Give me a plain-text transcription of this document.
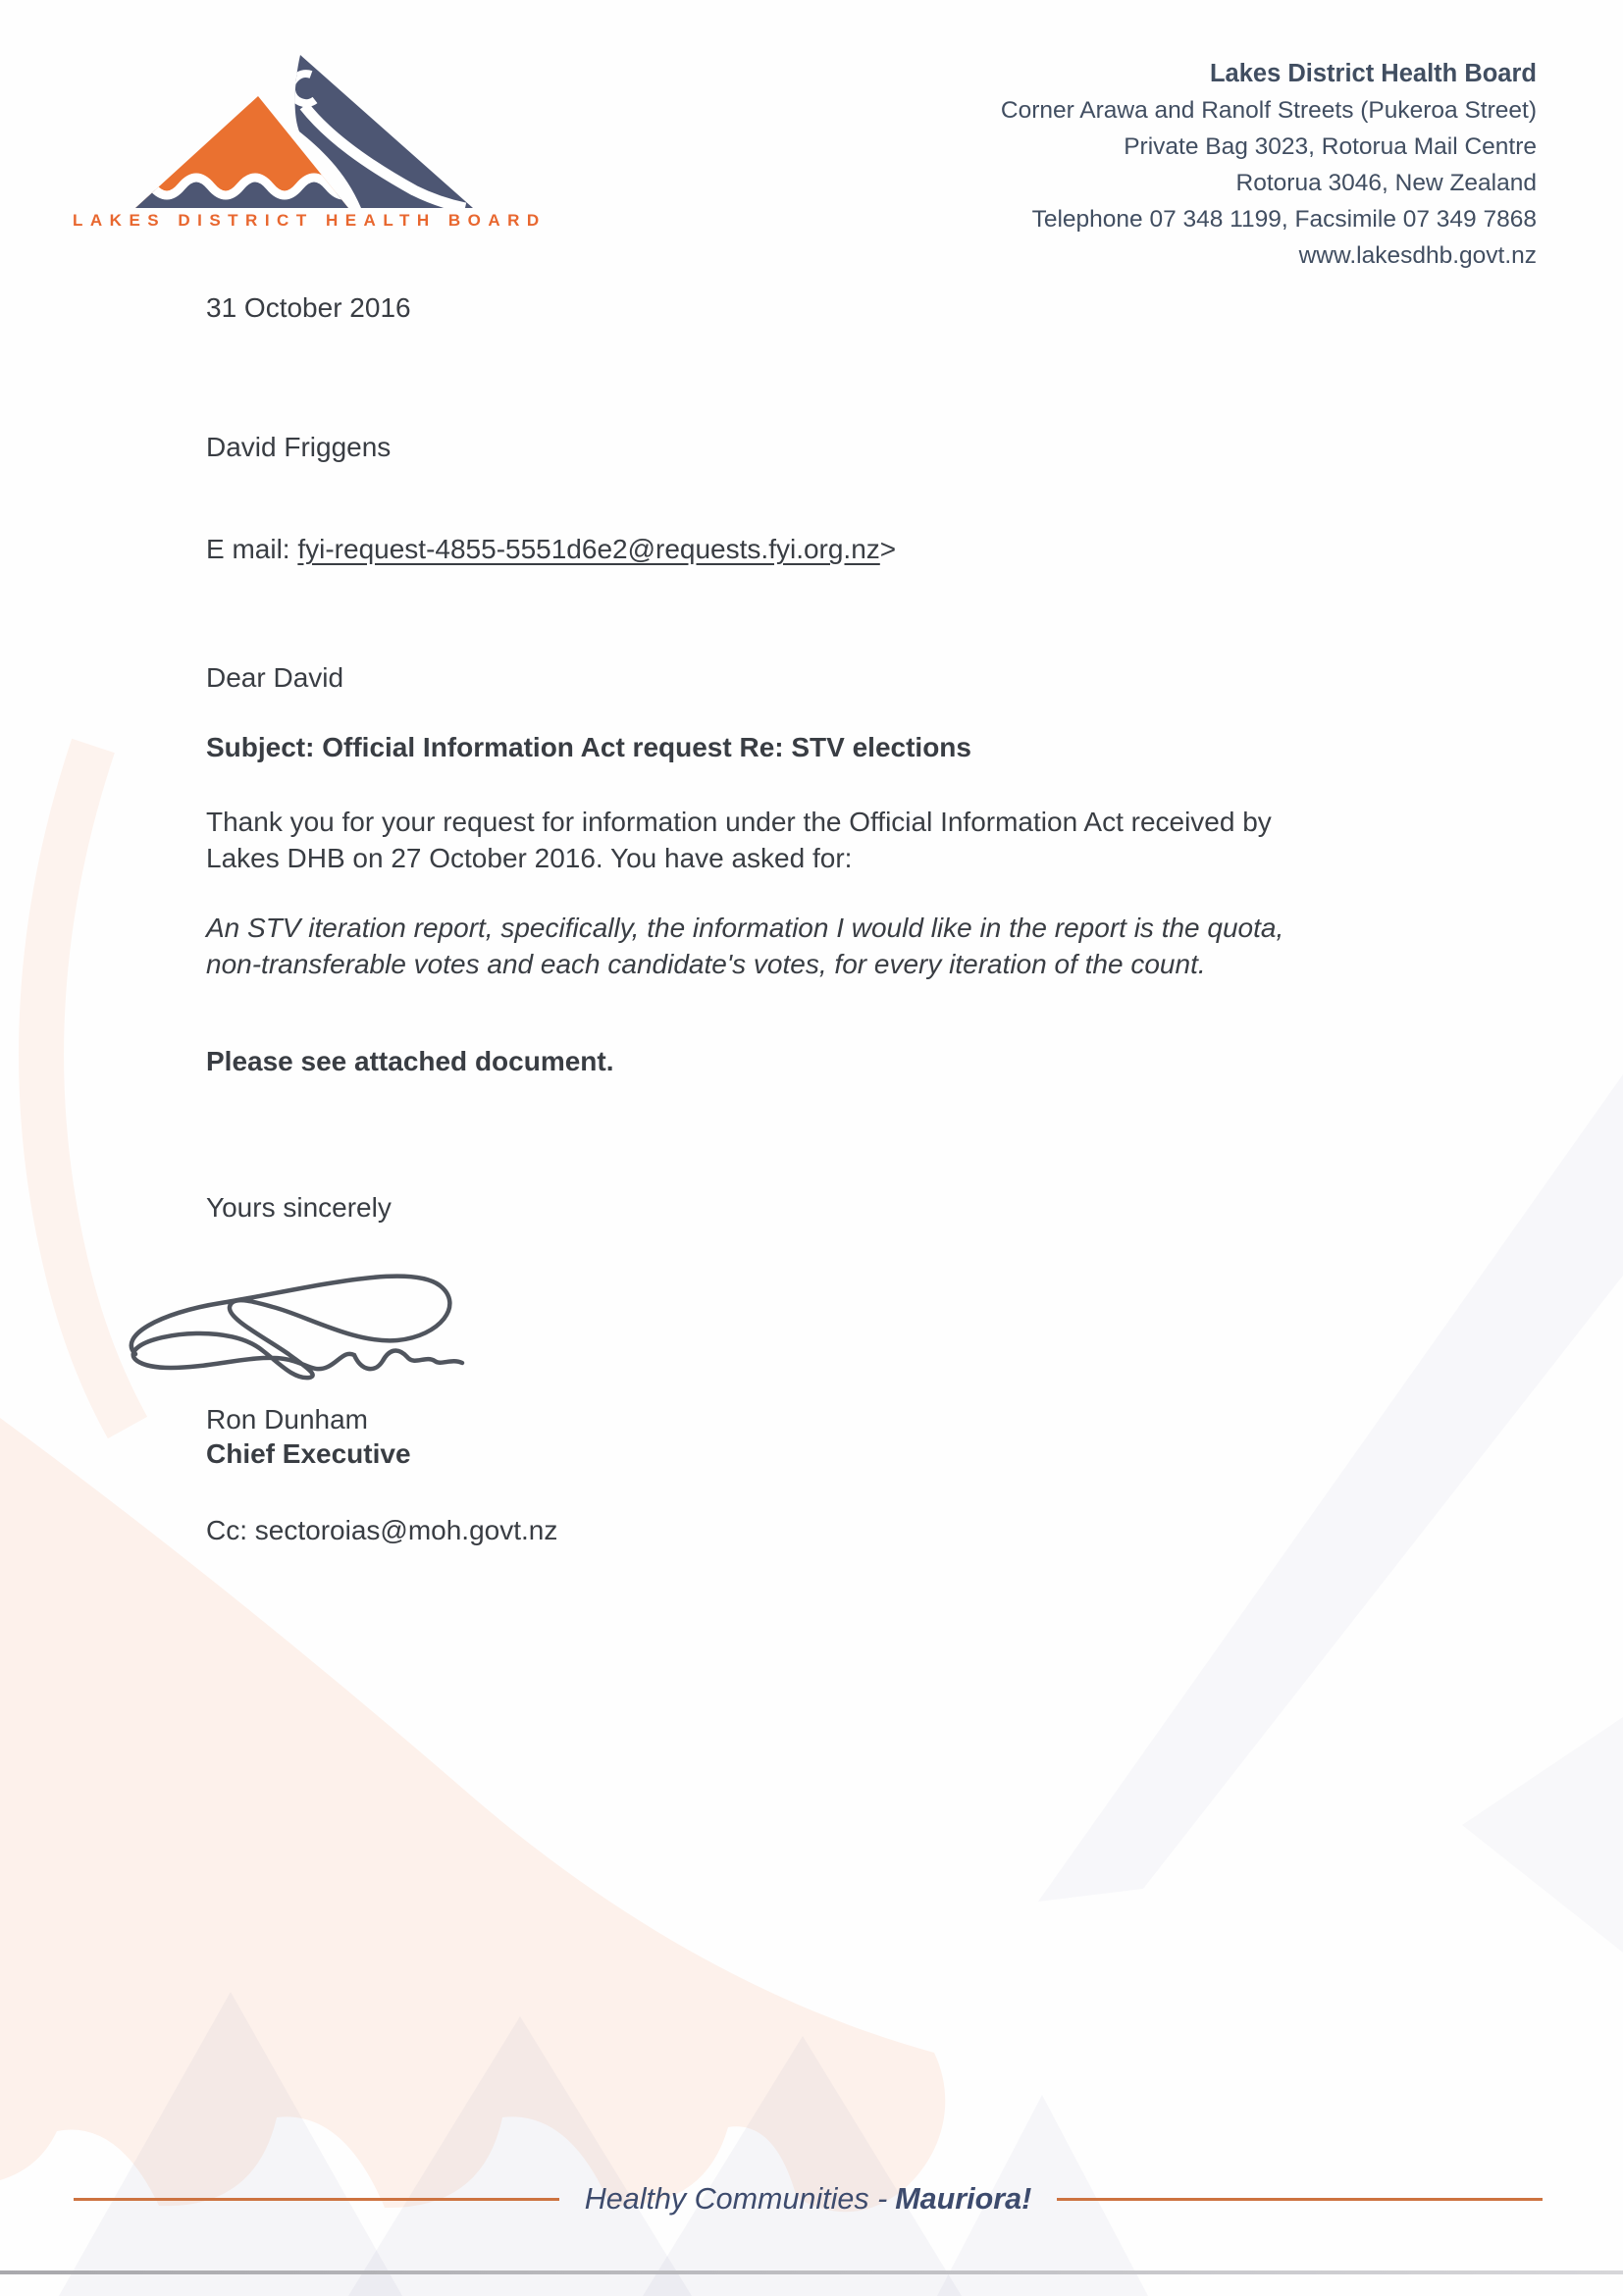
LAKES DISTRICT HEALTH BOARD
Lakes District Health Board
Corner Arawa and Ranolf Streets (Pukeroa Street)
Private Bag 3023, Rotorua Mail Centre
Rotorua 3046, New Zealand
Telephone 07 348 1199, Facsimile 07 349 7868
www.lakesdhb.govt.nz
31 October 2016
David Friggens
E mail: fyi-request-4855-5551d6e2@requests.fyi.org.nz>
Dear David
Subject: Official Information Act request Re: STV elections
Thank you for your request for information under the Official Information Act received by
Lakes DHB on 27 October 2016. You have asked for:
An STV iteration report, specifically, the information I would like in the report is the quota,
non-transferable votes and each candidate's votes, for every iteration of the count.
Please see attached document.
Yours sincerely
Ron Dunham
Chief Executive
Cc: sectoroias@moh.govt.nz
Healthy Communities - Mauriora!
